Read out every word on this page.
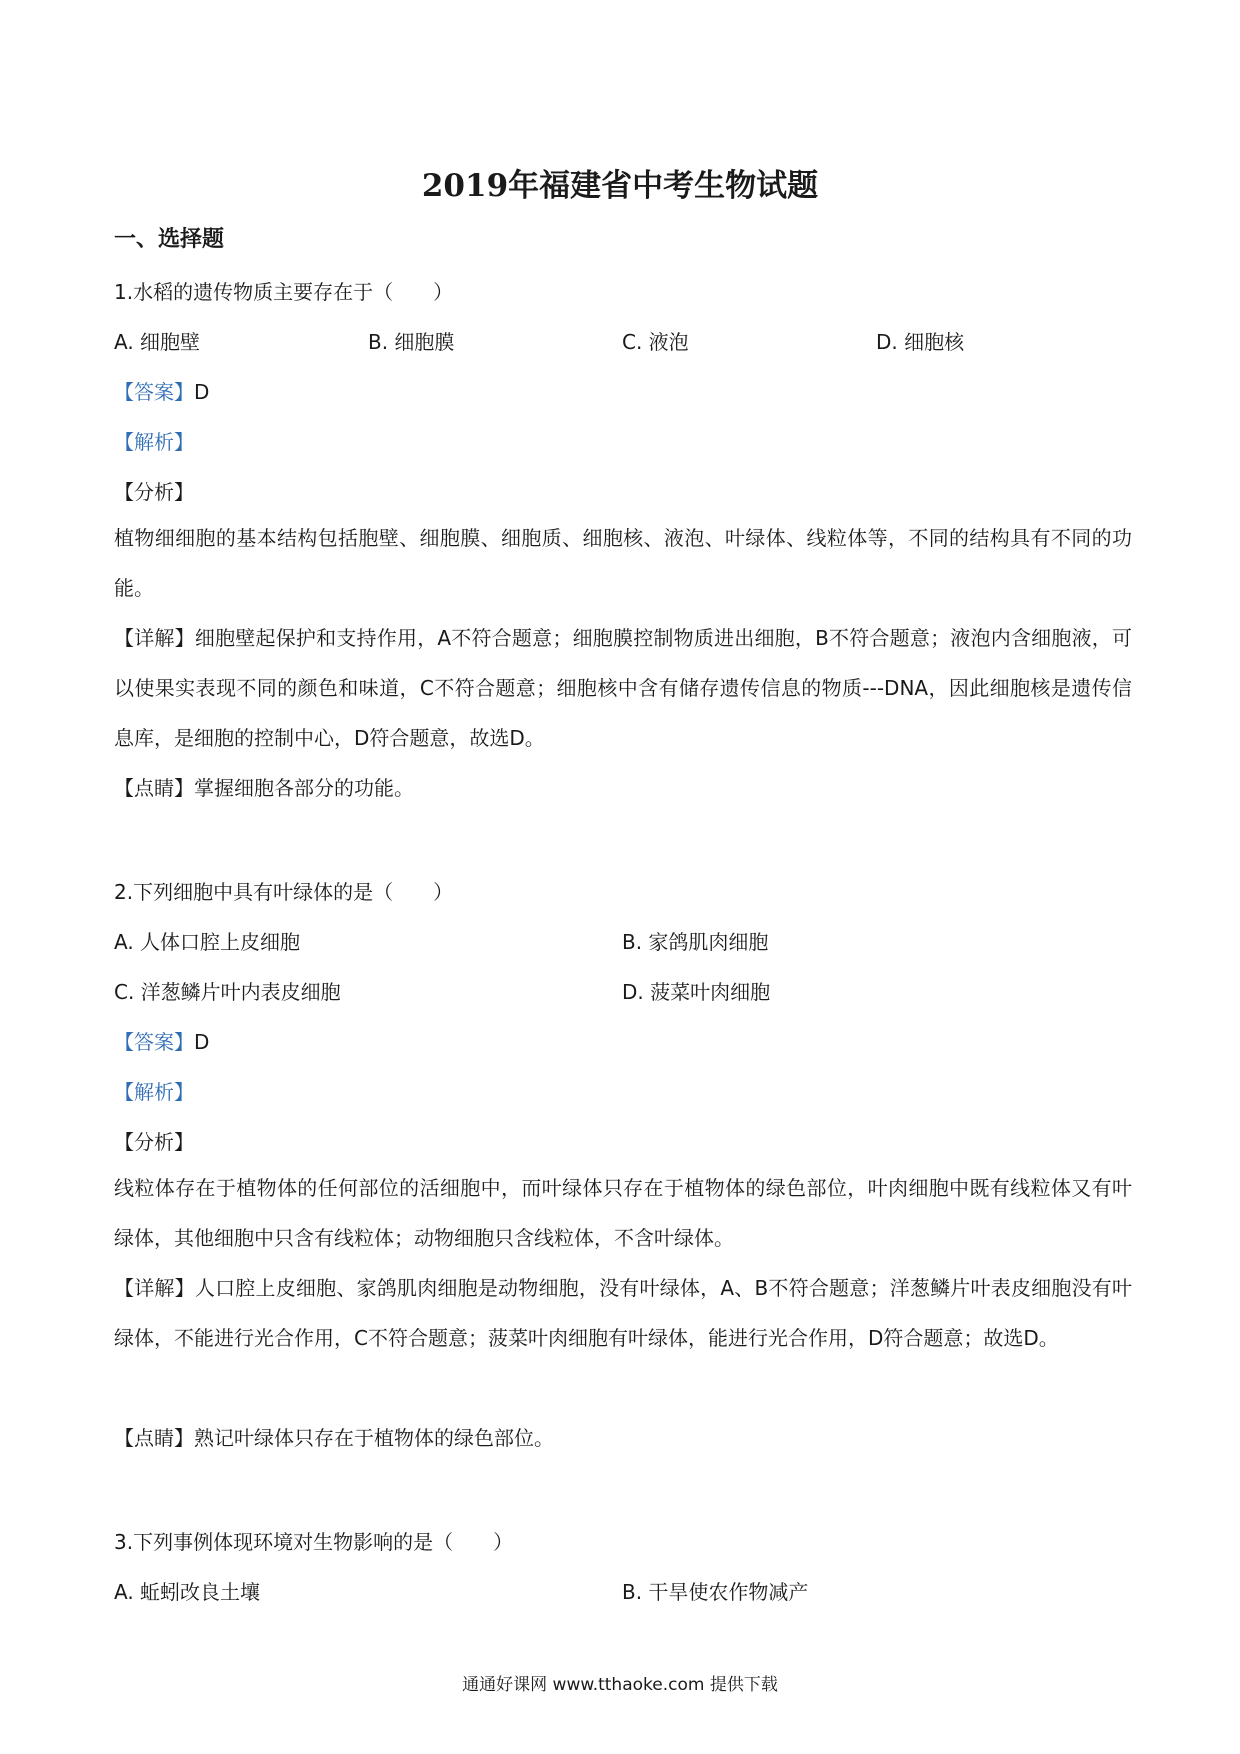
2019年福建省中考生物试题
一、选择题
1.水稻的遗传物质主要存在于（　　）
A. 细胞壁	B. 细胞膜	C. 液泡	D. 细胞核
【答案】D
【解析】
【分析】
植物细细胞的基本结构包括胞壁、细胞膜、细胞质、细胞核、液泡、叶绿体、线粒体等，不同的结构具有不同的功能。
【详解】细胞壁起保护和支持作用，A不符合题意；细胞膜控制物质进出细胞，B不符合题意；液泡内含细胞液，可以使果实表现不同的颜色和味道，C不符合题意；细胞核中含有储存遗传信息的物质---DNA，因此细胞核是遗传信息库，是细胞的控制中心，D符合题意，故选D。
【点睛】掌握细胞各部分的功能。
2.下列细胞中具有叶绿体的是（　　）
A. 人体口腔上皮细胞	B. 家鸽肌肉细胞
C. 洋葱鳞片叶内表皮细胞	D. 菠菜叶肉细胞
【答案】D
【解析】
【分析】
线粒体存在于植物体的任何部位的活细胞中，而叶绿体只存在于植物体的绿色部位，叶肉细胞中既有线粒体又有叶绿体，其他细胞中只含有线粒体；动物细胞只含线粒体，不含叶绿体。
【详解】人口腔上皮细胞、家鸽肌肉细胞是动物细胞，没有叶绿体，A、B不符合题意；洋葱鳞片叶表皮细胞没有叶绿体，不能进行光合作用，C不符合题意；菠菜叶肉细胞有叶绿体，能进行光合作用，D符合题意；故选D。
【点睛】熟记叶绿体只存在于植物体的绿色部位。
3.下列事例体现环境对生物影响的是（　　）
A. 蚯蚓改良土壤	B. 干旱使农作物减产
通通好课网 www.tthaoke.com 提供下载
